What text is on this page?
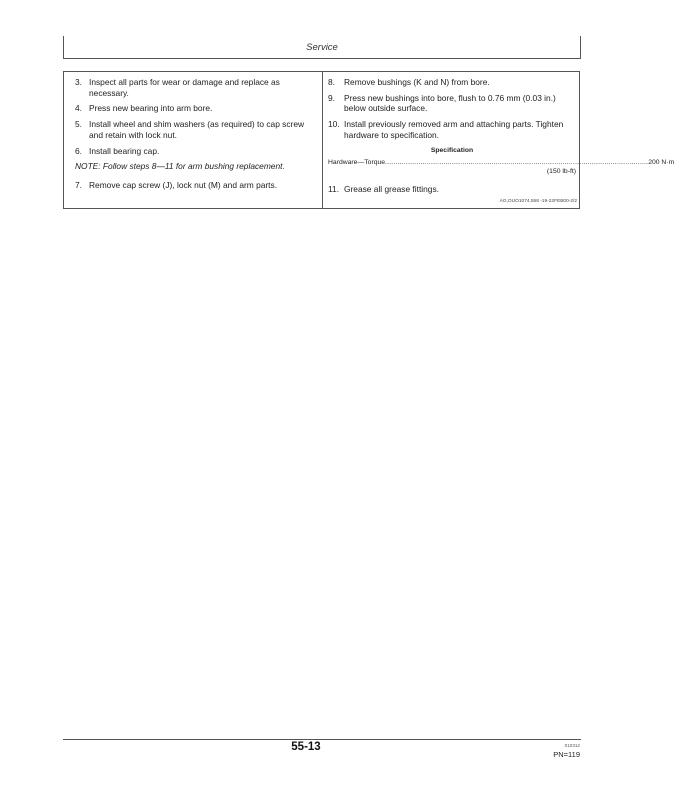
Service
3. Inspect all parts for wear or damage and replace as necessary.
4. Press new bearing into arm bore.
5. Install wheel and shim washers (as required) to cap screw and retain with lock nut.
6. Install bearing cap.
NOTE: Follow steps 8—11 for arm bushing replacement.
7. Remove cap screw (J), lock nut (M) and arm parts.
8.	Remove bushings (K and N) from bore.
9.	Press new bushings into bore, flush to 0.76 mm (0.03 in.) below outside surface.
10. Install previously removed arm and attaching parts. Tighten hardware to specification.
Specification
Hardware—Torque .............................................................................................................................. 200 N·m
(150 lb-ft)
11. Grease all grease fittings.
AG,OUO1074,558 -19-22FEB00-2/2
55-13	010312
PN=119
